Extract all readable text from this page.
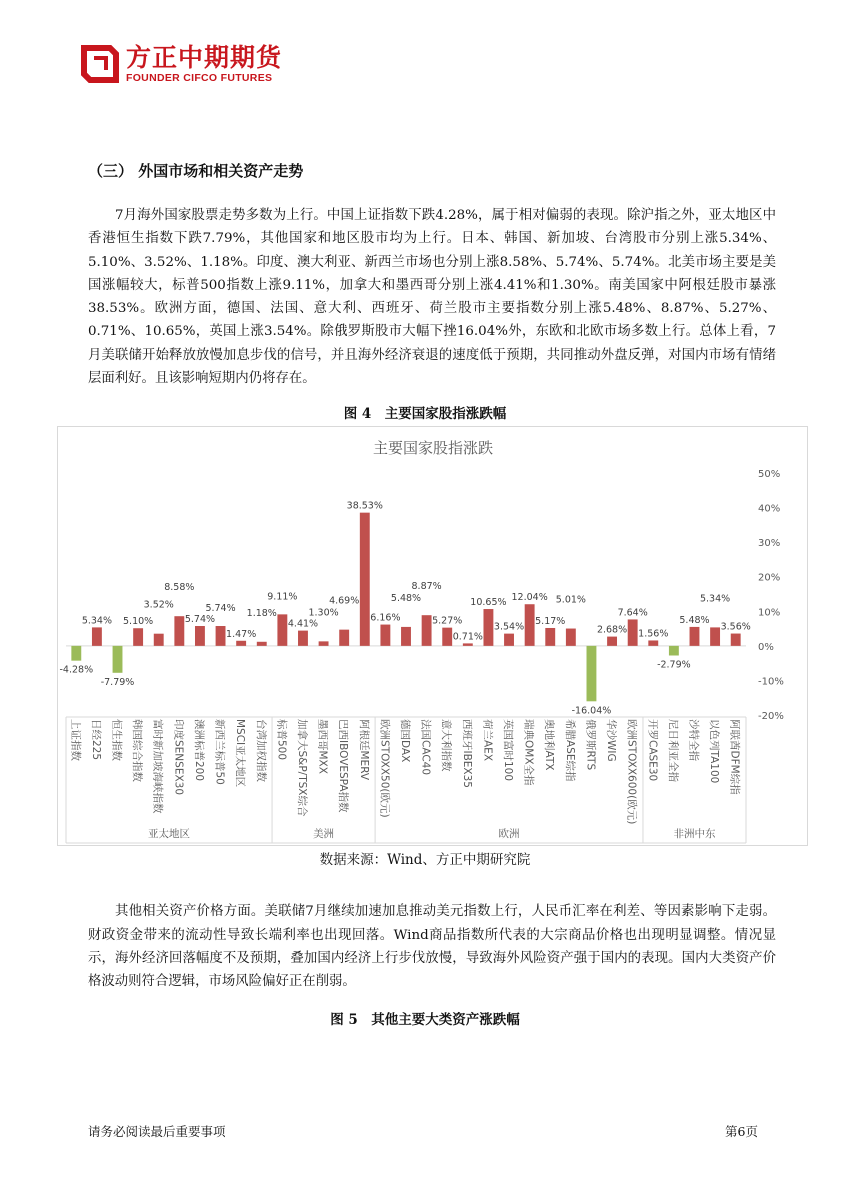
方正中期期货
FOUNDER CIFCO FUTURES
（三） 外国市场和相关资产走势
7月海外国家股票走势多数为上行。中国上证指数下跌4.28%，属于相对偏弱的表现。除沪指之外，亚太地区中香港恒生指数下跌7.79%，其他国家和地区股市均为上行。日本、韩国、新加坡、台湾股市分别上涨5.34%、5.10%、3.52%、1.18%。印度、澳大利亚、新西兰市场也分别上涨8.58%、5.74%、5.74%。北美市场主要是美国涨幅较大，标普500指数上涨9.11%，加拿大和墨西哥分别上涨4.41%和1.30%。南美国家中阿根廷股市暴涨38.53%。欧洲方面，德国、法国、意大利、西班牙、荷兰股市主要指数分别上涨5.48%、8.87%、5.27%、0.71%、10.65%，英国上涨3.54%。除俄罗斯股市大幅下挫16.04%外，东欧和北欧市场多数上行。总体上看，7月美联储开始释放放慢加息步伐的信号，并且海外经济衰退的速度低于预期，共同推动外盘反弹，对国内市场有情绪层面利好。且该影响短期内仍将存在。
图 4　主要国家股指涨跌幅
主要国家股指涨跌
50%
40%
30%
20%
10%
0%
-10%
-20%
-4.28%
上证指数
5.34%
日经225
-7.79%
恒生指数
5.10%
韩国综合指数
3.52%
富时新加坡海峡指数
8.58%
印度SENSEX30
5.74%
澳洲标普200
5.74%
新西兰标普50
1.47%
MSCI亚太地区
1.18%
台湾加权指数
9.11%
标普500
4.41%
加拿大S&P/TSX综合
1.30%
墨西哥MXX
4.69%
巴西IBOVESPA指数
38.53%
阿根廷MERV
6.16%
欧洲STOXX50(欧元)
5.48%
德国DAX
8.87%
法国CAC40
5.27%
意大利指数
0.71%
西班牙IBEX35
10.65%
荷兰AEX
3.54%
英国富时100
12.04%
瑞典OMX全指
5.17%
奥地利ATX
5.01%
希腊ASE综指
-16.04%
俄罗斯RTS
2.68%
华沙WIG
7.64%
欧洲STOXX600(欧元)
1.56%
开罗CASE30
-2.79%
尼日利亚全指
5.48%
沙特全指
5.34%
以色列TA100
3.56%
阿联酋DFM综指
亚太地区	美洲	欧洲	非洲中东
数据来源：Wind、方正中期研究院
其他相关资产价格方面。美联储7月继续加速加息推动美元指数上行，人民币汇率在利差、等因素影响下走弱。财政资金带来的流动性导致长端利率也出现回落。Wind商品指数所代表的大宗商品价格也出现明显调整。情况显示，海外经济回落幅度不及预期，叠加国内经济上行步伐放慢，导致海外风险资产强于国内的表现。国内大类资产价格波动则符合逻辑，市场风险偏好正在削弱。
图 5　其他主要大类资产涨跌幅
请务必阅读最后重要事项	第6页
